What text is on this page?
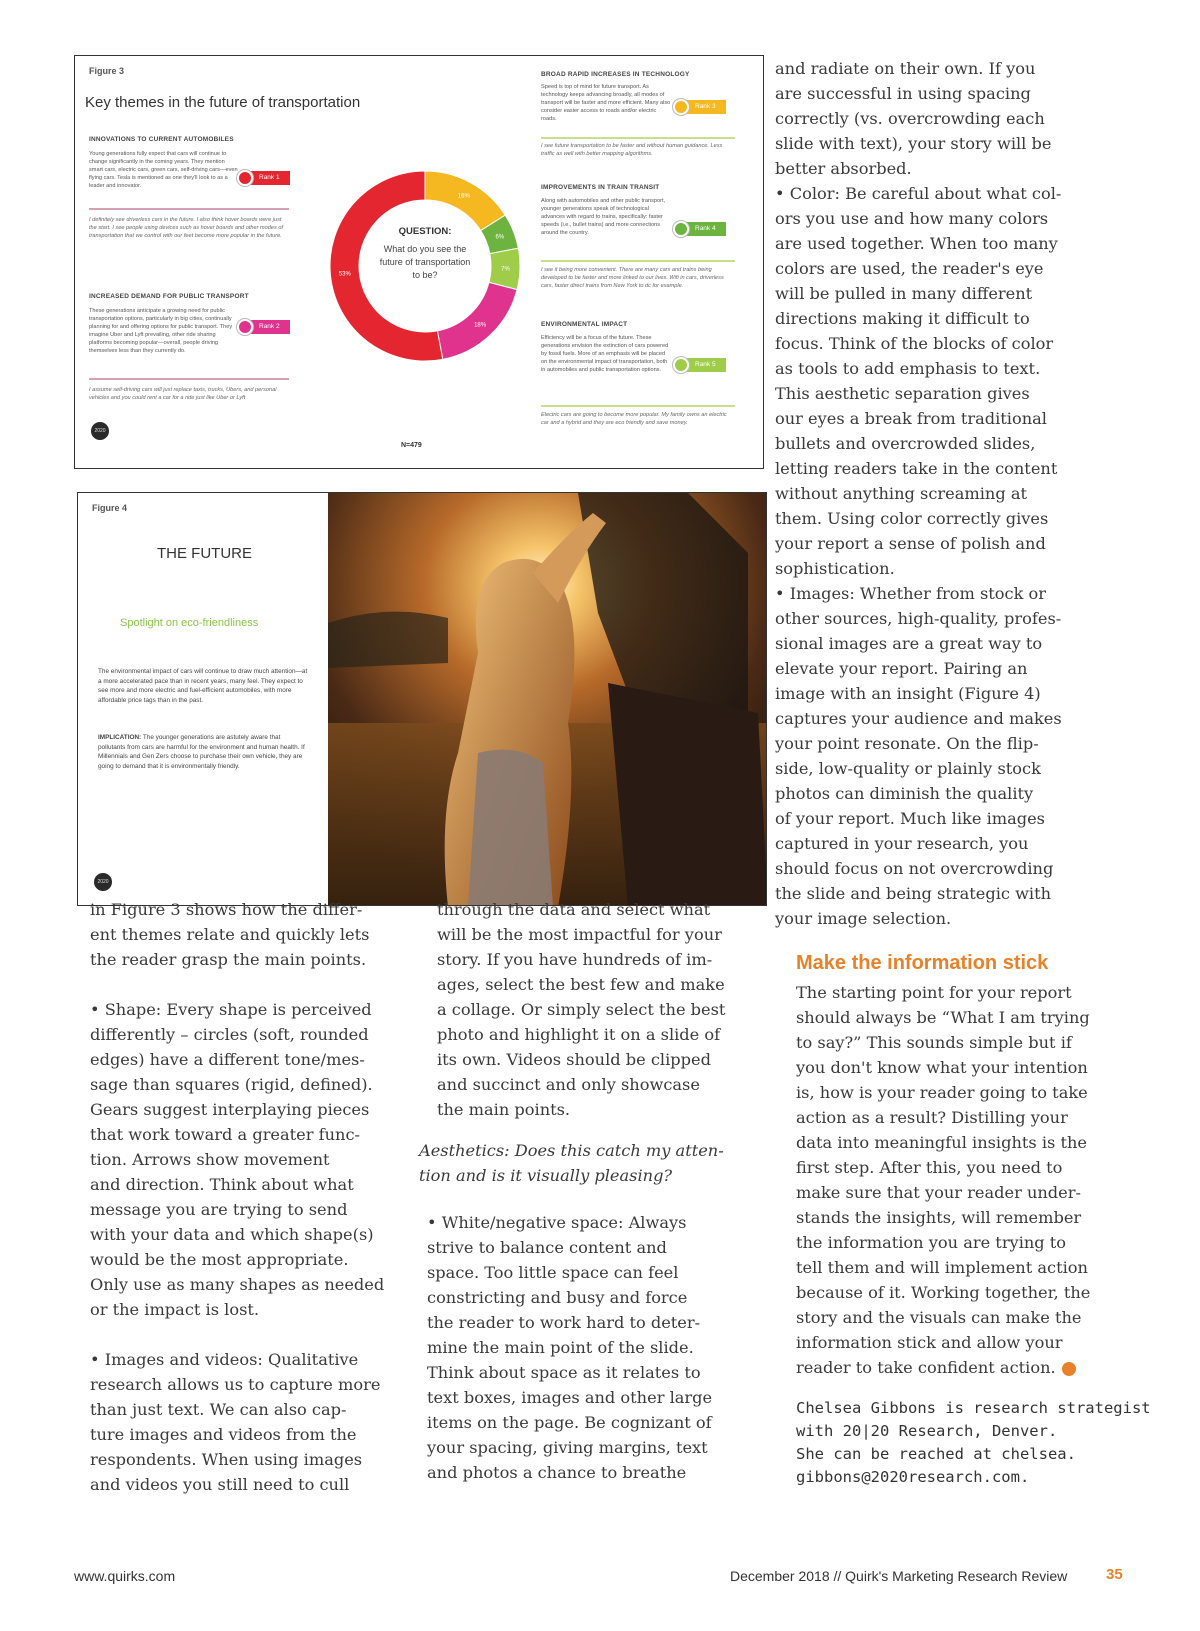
Figure 3
Key themes in the future of transportation
INNOVATIONS TO CURRENT AUTOMOBILES

Young generations fully expect that cars will continue to change significantly in the coming years. They mention smart cars, electric cars, green cars, self-driving cars—even flying cars. Tesla is mentioned as one they'll look to as a leader and innovator.

Rank 1

I definitely see driverless cars in the future. I also think hover boards were just the start. I see people using devices such as hover boards and other modes of transportation that we control with our feet become more popular in the future.

INCREASED DEMAND FOR PUBLIC TRANSPORT

These generations anticipate a growing need for public transportation options, particularly in big cities, continually planning for and offering options for public transport. They imagine Uber and Lyft prevailing, other ride sharing platforms becoming popular—overall, people driving themselves less than they currently do.

Rank 2

I assume self-driving cars will just replace taxis, trucks, Ubers, and personal vehicles and you could rent a car for a ride just like Uber or Lyft

2020
16%
6%
7%
18%
53%
QUESTION:
What do you see the future of transportation to be?
N=479
BROAD RAPID INCREASES IN TECHNOLOGY

Speed is top of mind for future transport. As technology keeps advancing broadly, all modes of transport will be faster and more efficient. Many also consider easier access to roads and/or electric roads.

Rank 3

I see future transportation to be faster and without human guidance. Less traffic as well with better mapping algorithms.

IMPROVEMENTS IN TRAIN TRANSIT

Along with automobiles and other public transport, younger generations speak of technological advances with regard to trains, specifically: faster speeds (i.e., bullet trains) and more connections around the country.

Rank 4

I see it being more convenient. There are many cars and trains being developed to be faster and more linked to our lives. Wifi in cars, driverless cars, faster direct trains from New York to dc for example.

ENVIRONMENTAL IMPACT

Efficiency will be a focus of the future. These generations envision the extinction of cars powered by fossil fuels. More of an emphasis will be placed on the environmental impact of transportation, both in automobiles and public transportation options.

Rank 5

Electric cars are going to become more popular. My family owns an electric car and a hybrid and they are eco friendly and save money.

Figure 4
THE FUTURE
Spotlight on eco-friendliness

The environmental impact of cars will continue to draw much attention—at a more accelerated pace than in recent years, many feel. They expect to see more and more electric and fuel-efficient automobiles, with more affordable price tags than in the past.

IMPLICATION: The younger generations are astutely aware that pollutants from cars are harmful for the environment and human health. If Millennials and Gen Zers choose to purchase their own vehicle, they are going to demand that it is environmentally friendly.

2020

in Figure 3 shows how the differ-
ent themes relate and quickly lets
the reader grasp the main points.

• Shape: Every shape is perceived
differently – circles (soft, rounded
edges) have a different tone/mes-
sage than squares (rigid, defined).
Gears suggest interplaying pieces
that work toward a greater func-
tion. Arrows show movement
and direction. Think about what
message you are trying to send
with your data and which shape(s)
would be the most appropriate.
Only use as many shapes as needed
or the impact is lost.

• Images and videos: Qualitative
research allows us to capture more
than just text. We can also cap-
ture images and videos from the
respondents. When using images
and videos you still need to cull

through the data and select what
will be the most impactful for your
story. If you have hundreds of im-
ages, select the best few and make
a collage. Or simply select the best
photo and highlight it on a slide of
its own. Videos should be clipped
and succinct and only showcase
the main points.

Aesthetics: Does this catch my atten-
tion and is it visually pleasing?

• White/negative space: Always
strive to balance content and
space. Too little space can feel
constricting and busy and force
the reader to work hard to deter-
mine the main point of the slide.
Think about space as it relates to
text boxes, images and other large
items on the page. Be cognizant of
your spacing, giving margins, text
and photos a chance to breathe

and radiate on their own. If you
are successful in using spacing
correctly (vs. overcrowding each
slide with text), your story will be
better absorbed.
• Color: Be careful about what col-
ors you use and how many colors
are used together. When too many
colors are used, the reader's eye
will be pulled in many different
directions making it difficult to
focus. Think of the blocks of color
as tools to add emphasis to text.
This aesthetic separation gives
our eyes a break from traditional
bullets and overcrowded slides,
letting readers take in the content
without anything screaming at
them. Using color correctly gives
your report a sense of polish and
sophistication.
• Images: Whether from stock or
other sources, high-quality, profes-
sional images are a great way to
elevate your report. Pairing an
image with an insight (Figure 4)
captures your audience and makes
your point resonate. On the flip-
side, low-quality or plainly stock
photos can diminish the quality
of your report. Much like images
captured in your research, you
should focus on not overcrowding
the slide and being strategic with
your image selection.

Make the information stick

The starting point for your report
should always be “What I am trying
to say?” This sounds simple but if
you don't know what your intention
is, how is your reader going to take
action as a result? Distilling your
data into meaningful insights is the
first step. After this, you need to
make sure that your reader under-
stands the insights, will remember
the information you are trying to
tell them and will implement action
because of it. Working together, the
story and the visuals can make the
information stick and allow your
reader to take confident action.

Chelsea Gibbons is research strategist
with 20|20 Research, Denver.
She can be reached at chelsea.
gibbons@2020research.com.

www.quirks.com	December 2018 // Quirk's Marketing Research Review	35
